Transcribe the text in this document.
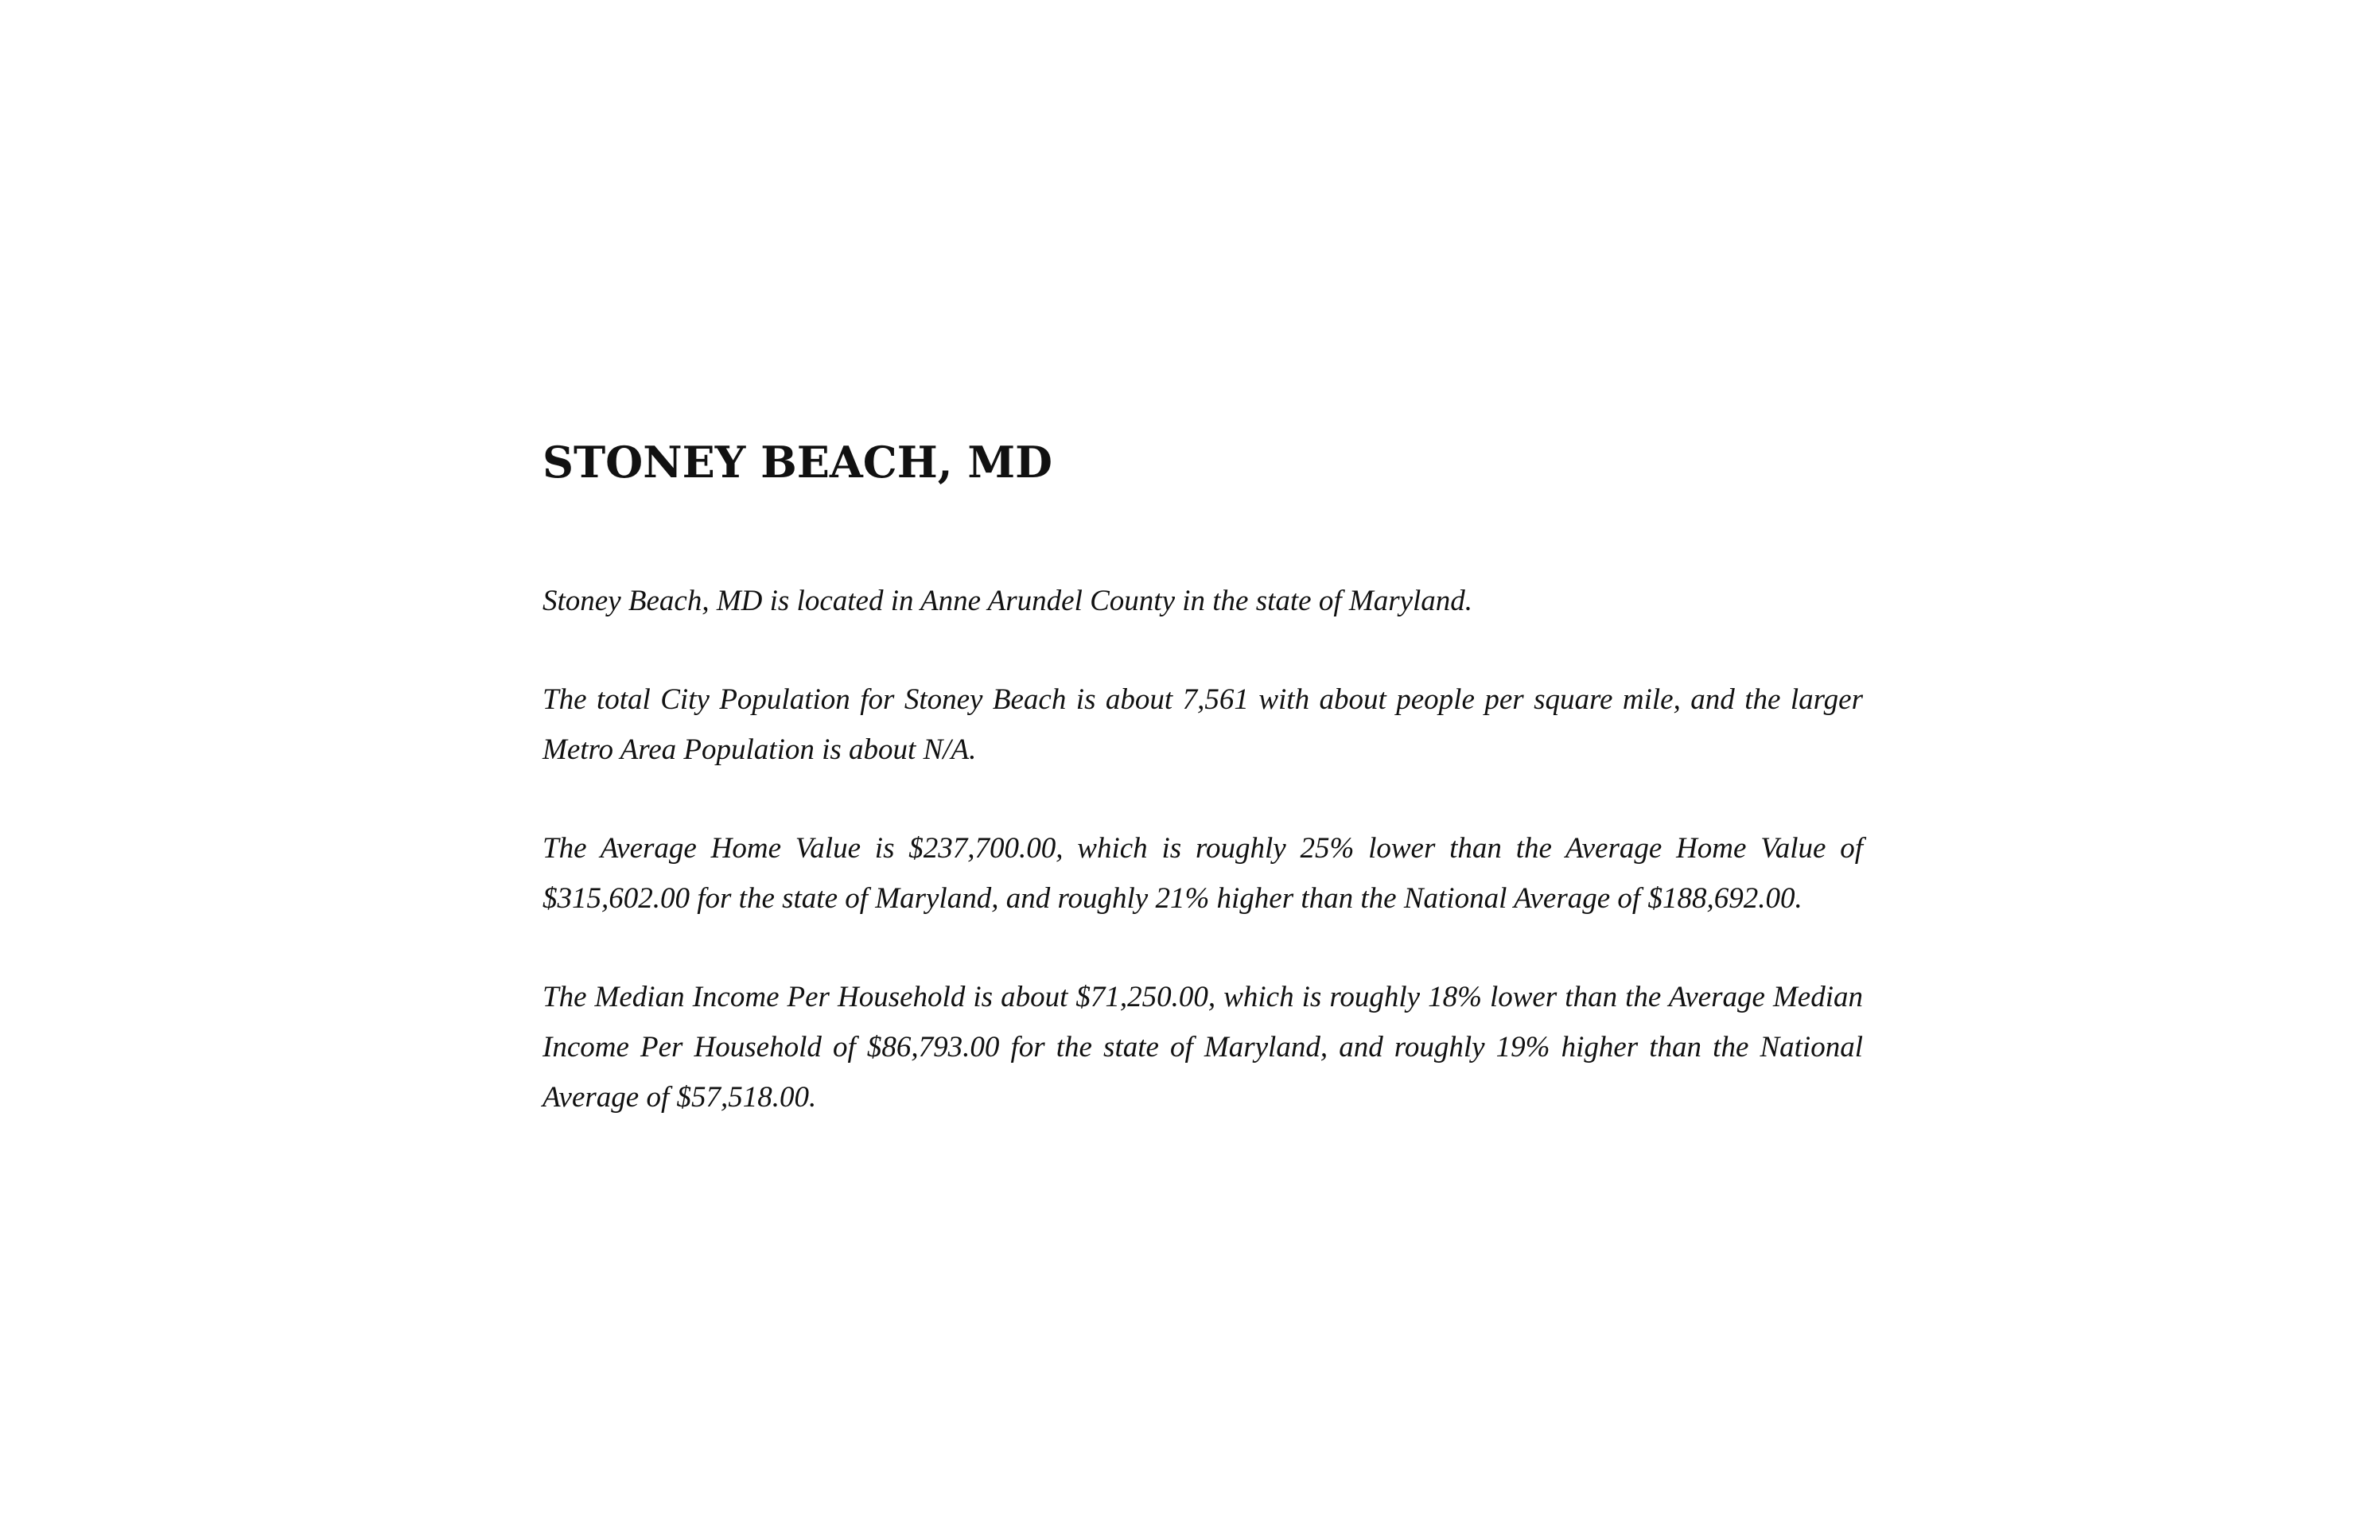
STONEY BEACH, MD

Stoney Beach, MD is located in Anne Arundel County in the state of Maryland.

The total City Population for Stoney Beach is about 7,561 with about people per square mile, and the larger Metro Area Population is about N/A.

The Average Home Value is $237,700.00, which is roughly 25% lower than the Average Home Value of $315,602.00 for the state of Maryland, and roughly 21% higher than the National Average of $188,692.00.

The Median Income Per Household is about $71,250.00, which is roughly 18% lower than the Average Median Income Per Household of $86,793.00 for the state of Maryland, and roughly 19% higher than the National Average of $57,518.00.
